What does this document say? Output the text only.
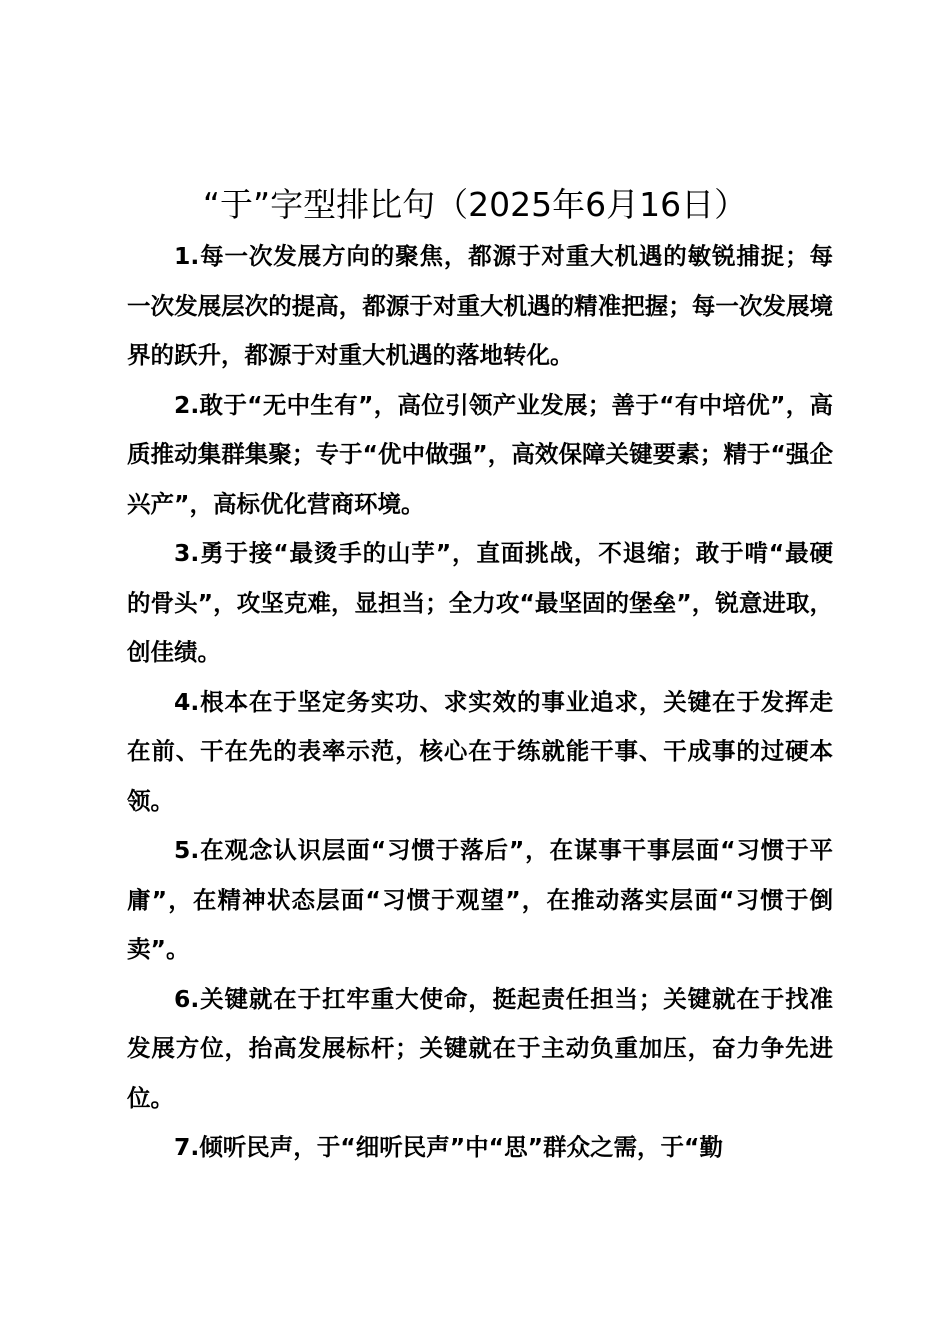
“于”字型排比句（2025年6月16日）

1.每一次发展方向的聚焦，都源于对重大机遇的敏锐捕捉；每一次发展层次的提高，都源于对重大机遇的精准把握；每一次发展境界的跃升，都源于对重大机遇的落地转化。

2.敢于“无中生有”，高位引领产业发展；善于“有中培优”，高质推动集群集聚；专于“优中做强”，高效保障关键要素；精于“强企兴产”，高标优化营商环境。

3.勇于接“最烫手的山芋”，直面挑战，不退缩；敢于啃“最硬的骨头”，攻坚克难，显担当；全力攻“最坚固的堡垒”，锐意进取，创佳绩。

4.根本在于坚定务实功、求实效的事业追求，关键在于发挥走在前、干在先的表率示范，核心在于练就能干事、干成事的过硬本领。

5.在观念认识层面“习惯于落后”，在谋事干事层面“习惯于平庸”，在精神状态层面“习惯于观望”，在推动落实层面“习惯于倒卖”。

6.关键就在于扛牢重大使命，挺起责任担当；关键就在于找准发展方位，抬高发展标杆；关键就在于主动负重加压，奋力争先进位。

7.倾听民声，于“细听民声”中“思”群众之需，于“勤
